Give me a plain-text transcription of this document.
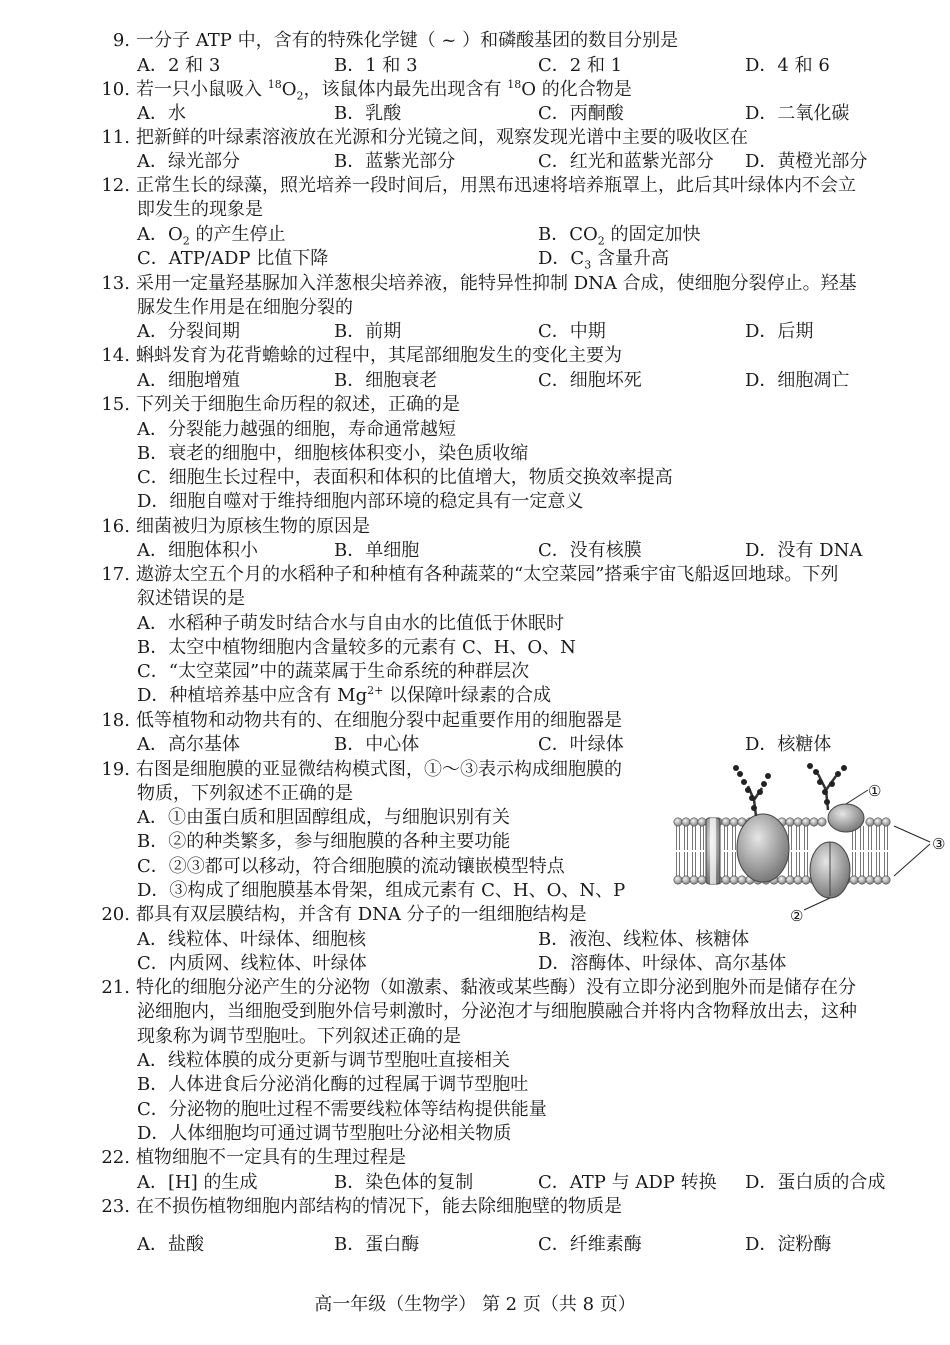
9. 一分子 ATP 中，含有的特殊化学键（ ~ ）和磷酸基团的数目分别是
A．2 和 3	B．1 和 3	C．2 和 1	D．4 和 6
10. 若一只小鼠吸入 $^{18}O_2$，该鼠体内最先出现含有 $^{18}$O 的化合物是
A．水	B．乳酸	C．丙酮酸	D．二氧化碳
11. 把新鲜的叶绿素溶液放在光源和分光镜之间，观察发现光谱中主要的吸收区在
A．绿光部分	B．蓝紫光部分	C．红光和蓝紫光部分 D．黄橙光部分
12. 正常生长的绿藻，照光培养一段时间后，用黑布迅速将培养瓶罩上，此后其叶绿体内不会立
即发生的现象是
A．$O_2$ 的产生停止	B．$CO_2$ 的固定加快
C．ATP/ADP 比值下降	D．$C_3$ 含量升高
13. 采用一定量羟基脲加入洋葱根尖培养液，能特异性抑制 DNA 合成，使细胞分裂停止。羟基
脲发生作用是在细胞分裂的
A．分裂间期	B．前期	C．中期	D．后期
14. 蝌蚪发育为花背蟾蜍的过程中，其尾部细胞发生的变化主要为
A．细胞增殖	B．细胞衰老	C．细胞坏死	D．细胞凋亡
15. 下列关于细胞生命历程的叙述，正确的是
A．分裂能力越强的细胞，寿命通常越短
B．衰老的细胞中，细胞核体积变小，染色质收缩
C．细胞生长过程中，表面积和体积的比值增大，物质交换效率提高
D．细胞自噬对于维持细胞内部环境的稳定具有一定意义
16. 细菌被归为原核生物的原因是
A．细胞体积小	B．单细胞	C．没有核膜	D．没有 DNA
17. 遨游太空五个月的水稻种子和种植有各种蔬菜的“太空菜园”搭乘宇宙飞船返回地球。下列
叙述错误的是
A．水稻种子萌发时结合水与自由水的比值低于休眠时
B．太空中植物细胞内含量较多的元素有 C、H、O、N
C．“太空菜园”中的蔬菜属于生命系统的种群层次
D．种植培养基中应含有 $Mg^{2+}$ 以保障叶绿素的合成
18. 低等植物和动物共有的、在细胞分裂中起重要作用的细胞器是
A．高尔基体	B．中心体	C．叶绿体	D．核糖体
19. 右图是细胞膜的亚显微结构模式图，①～③表示构成细胞膜的
物质，下列叙述不正确的是
A．①由蛋白质和胆固醇组成，与细胞识别有关
B．②的种类繁多，参与细胞膜的各种主要功能
C．②③都可以移动，符合细胞膜的流动镶嵌模型特点
D．③构成了细胞膜基本骨架，组成元素有 C、H、O、N、P
①
③
②
20. 都具有双层膜结构，并含有 DNA 分子的一组细胞结构是
A．线粒体、叶绿体、细胞核	B．液泡、线粒体、核糖体
C．内质网、线粒体、叶绿体	D．溶酶体、叶绿体、高尔基体
21. 特化的细胞分泌产生的分泌物（如激素、黏液或某些酶）没有立即分泌到胞外而是储存在分
泌细胞内，当细胞受到胞外信号刺激时，分泌泡才与细胞膜融合并将内含物释放出去，这种
现象称为调节型胞吐。下列叙述正确的是
A．线粒体膜的成分更新与调节型胞吐直接相关
B．人体进食后分泌消化酶的过程属于调节型胞吐
C．分泌物的胞吐过程不需要线粒体等结构提供能量
D．人体细胞均可通过调节型胞吐分泌相关物质
22. 植物细胞不一定具有的生理过程是
A．[H] 的生成	B．染色体的复制	C．ATP 与 ADP 转换 D．蛋白质的合成
23. 在不损伤植物细胞内部结构的情况下，能去除细胞壁的物质是
A．盐酸	B．蛋白酶	C．纤维素酶	D．淀粉酶
高一年级（生物学） 第 2 页（共 8 页）
